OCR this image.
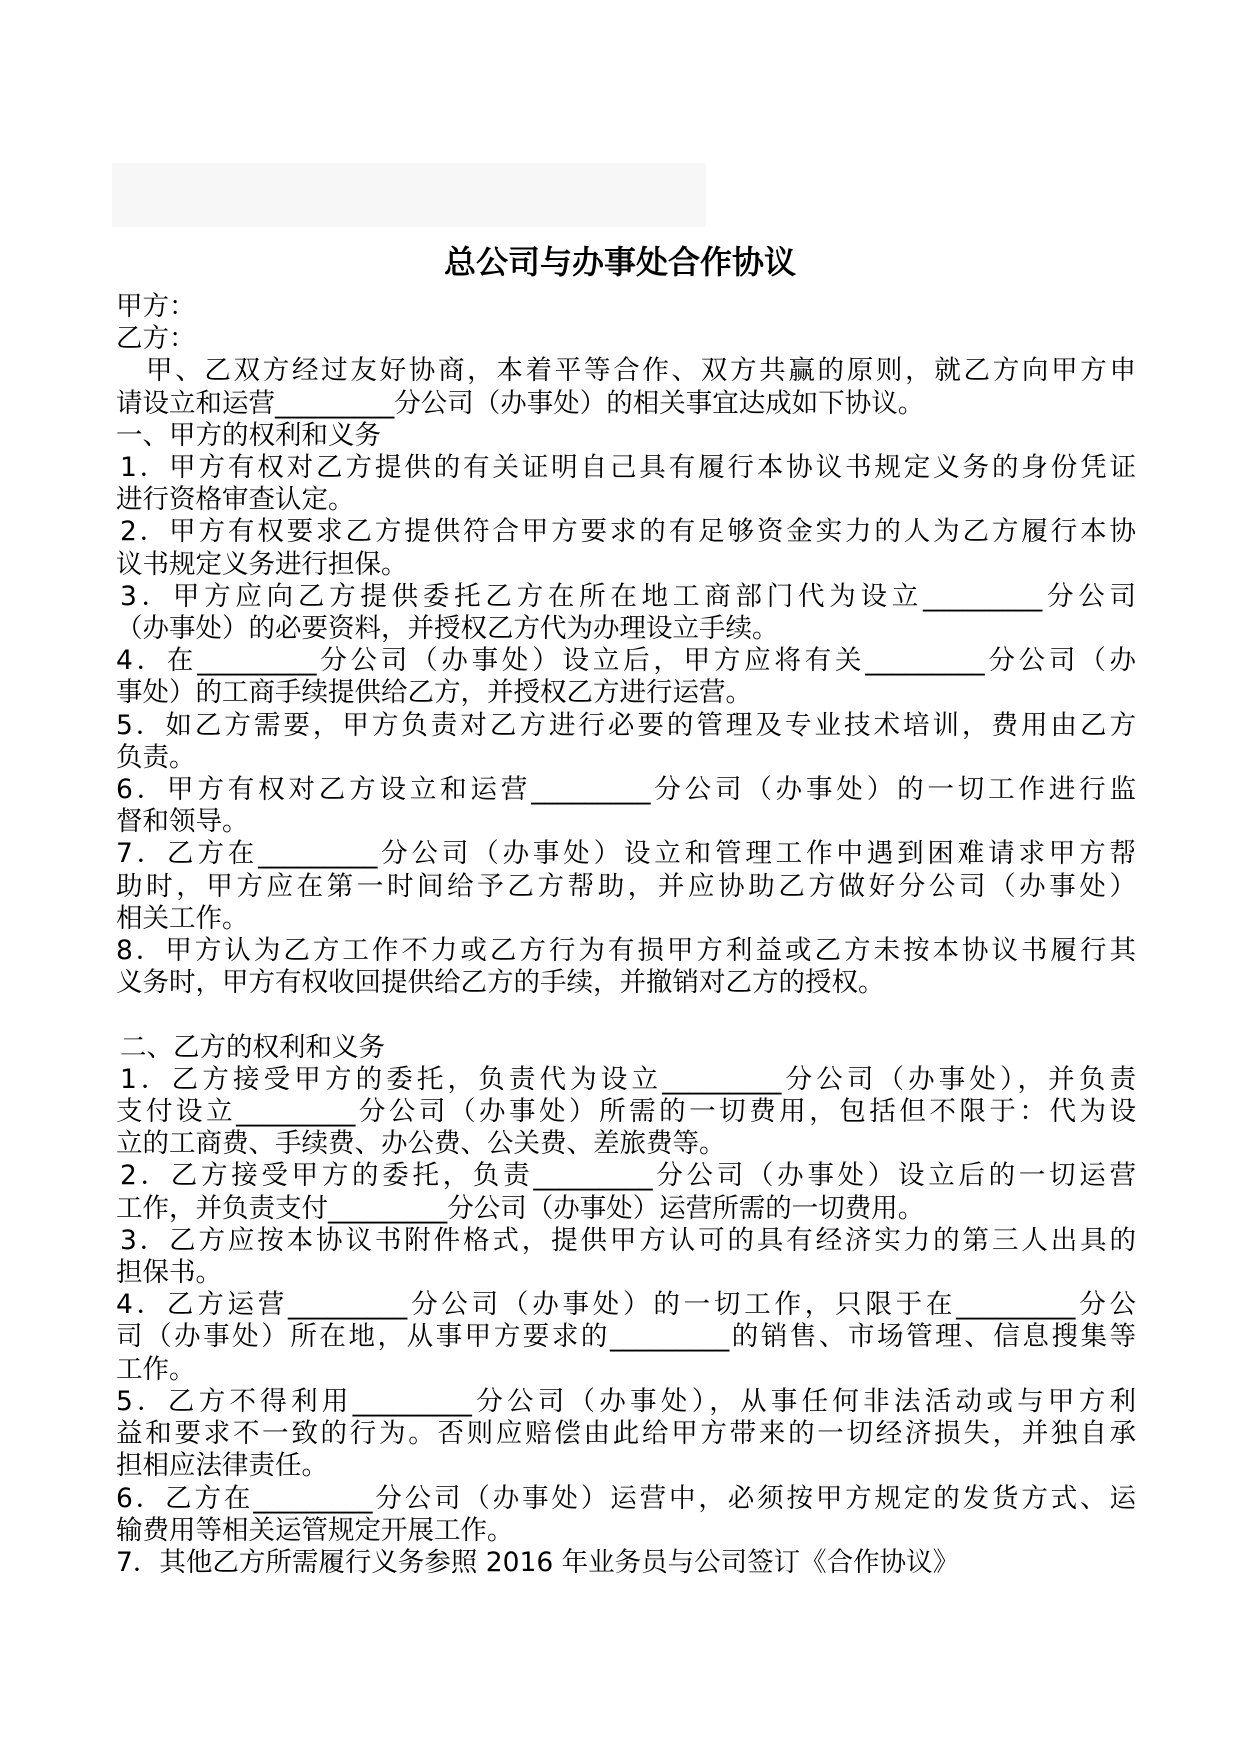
总公司与办事处合作协议
甲方：
乙方：
甲、乙双方经过友好协商，本着平等合作、双方共赢的原则，就乙方向甲方申
请设立和运营_________分公司（办事处）的相关事宜达成如下协议。
一、甲方的权利和义务
1．甲方有权对乙方提供的有关证明自己具有履行本协议书规定义务的身份凭证
进行资格审查认定。
2．甲方有权要求乙方提供符合甲方要求的有足够资金实力的人为乙方履行本协
议书规定义务进行担保。
3．甲方应向乙方提供委托乙方在所在地工商部门代为设立_________分公司
（办事处）的必要资料，并授权乙方代为办理设立手续。
4．在_________分公司（办事处）设立后，甲方应将有关_________分公司（办
事处）的工商手续提供给乙方，并授权乙方进行运营。
5．如乙方需要，甲方负责对乙方进行必要的管理及专业技术培训，费用由乙方
负责。
6．甲方有权对乙方设立和运营_________分公司（办事处）的一切工作进行监
督和领导。
7．乙方在_________分公司（办事处）设立和管理工作中遇到困难请求甲方帮
助时，甲方应在第一时间给予乙方帮助，并应协助乙方做好分公司（办事处）
相关工作。
8．甲方认为乙方工作不力或乙方行为有损甲方利益或乙方未按本协议书履行其
义务时，甲方有权收回提供给乙方的手续，并撤销对乙方的授权。
二、乙方的权利和义务
1．乙方接受甲方的委托，负责代为设立_________分公司（办事处），并负责
支付设立_________分公司（办事处）所需的一切费用，包括但不限于：代为设
立的工商费、手续费、办公费、公关费、差旅费等。
2．乙方接受甲方的委托，负责_________分公司（办事处）设立后的一切运营
工作，并负责支付_________分公司（办事处）运营所需的一切费用。
3．乙方应按本协议书附件格式，提供甲方认可的具有经济实力的第三人出具的
担保书。
4．乙方运营_________分公司（办事处）的一切工作，只限于在_________分公
司（办事处）所在地，从事甲方要求的_________的销售、市场管理、信息搜集等
工作。
5．乙方不得利用_________分公司（办事处），从事任何非法活动或与甲方利
益和要求不一致的行为。否则应赔偿由此给甲方带来的一切经济损失，并独自承
担相应法律责任。
6．乙方在_________分公司（办事处）运营中，必须按甲方规定的发货方式、运
输费用等相关运管规定开展工作。
7．其他乙方所需履行义务参照 2016 年业务员与公司签订《合作协议》
